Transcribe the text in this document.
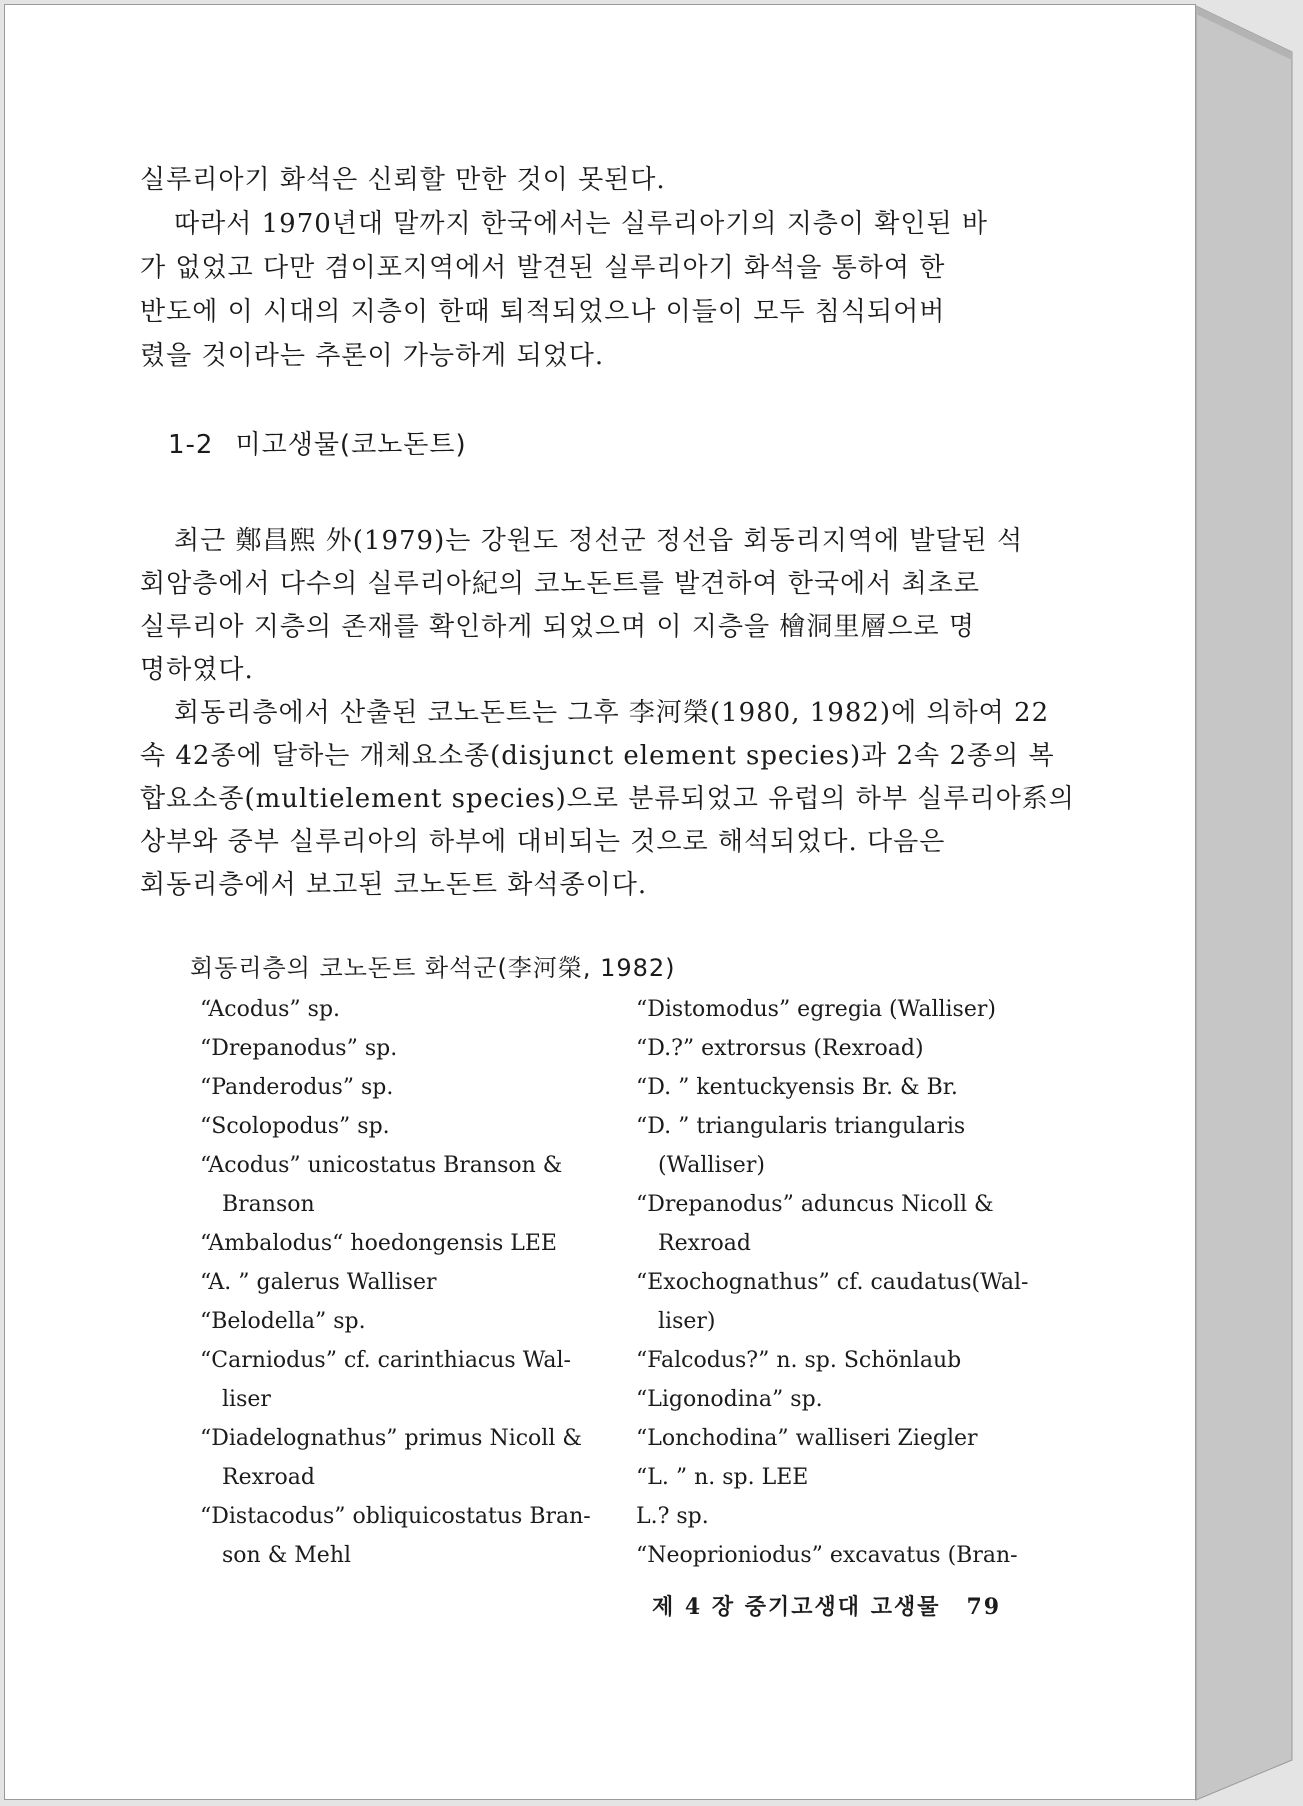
실루리아기 화석은 신뢰할 만한 것이 못된다.

따라서 1970년대 말까지 한국에서는 실루리아기의 지층이 확인된 바
가 없었고 다만 겸이포지역에서 발견된 실루리아기 화석을 통하여 한
반도에 이 시대의 지층이 한때 퇴적되었으나 이들이 모두 침식되어버
렸을 것이라는 추론이 가능하게 되었다.

1-2 미고생물(코노돈트)

최근 鄭昌熙 外(1979)는 강원도 정선군 정선읍 회동리지역에 발달된 석
회암층에서 다수의 실루리아紀의 코노돈트를 발견하여 한국에서 최초로
실루리아 지층의 존재를 확인하게 되었으며 이 지층을 檜洞里層으로 명
명하였다.

회동리층에서 산출된 코노돈트는 그후 李河榮(1980, 1982)에 의하여 22
속 42종에 달하는 개체요소종(disjunct element species)과 2속 2종의 복
합요소종(multielement species)으로 분류되었고 유럽의 하부 실루리아系의
상부와 중부 실루리아의 하부에 대비되는 것으로 해석되었다. 다음은
회동리층에서 보고된 코노돈트 화석종이다.

회동리층의 코노돈트 화석군(李河榮, 1982)
“Acodus” sp.
“Drepanodus” sp.
“Panderodus” sp.
“Scolopodus” sp.
“Acodus” unicostatus Branson &
Branson
“Ambalodus“ hoedongensis LEE
“A. ” galerus Walliser
“Belodella” sp.
“Carniodus” cf. carinthiacus Wal-
liser
“Diadelognathus” primus Nicoll &
Rexroad
“Distacodus” obliquicostatus Bran-
son & Mehl
“Distomodus” egregia (Walliser)
“D.?” extrorsus (Rexroad)
“D. ” kentuckyensis Br. & Br.
“D. ” triangularis triangularis
(Walliser)
“Drepanodus” aduncus Nicoll &
Rexroad
“Exochognathus” cf. caudatus(Wal-
liser)
“Falcodus?” n. sp. Schönlaub
“Ligonodina” sp.
“Lonchodina” walliseri Ziegler
“L. ” n. sp. LEE
L.? sp.
“Neoprioniodus” excavatus (Bran-
제 4 장 중기고생대 고생물 79
